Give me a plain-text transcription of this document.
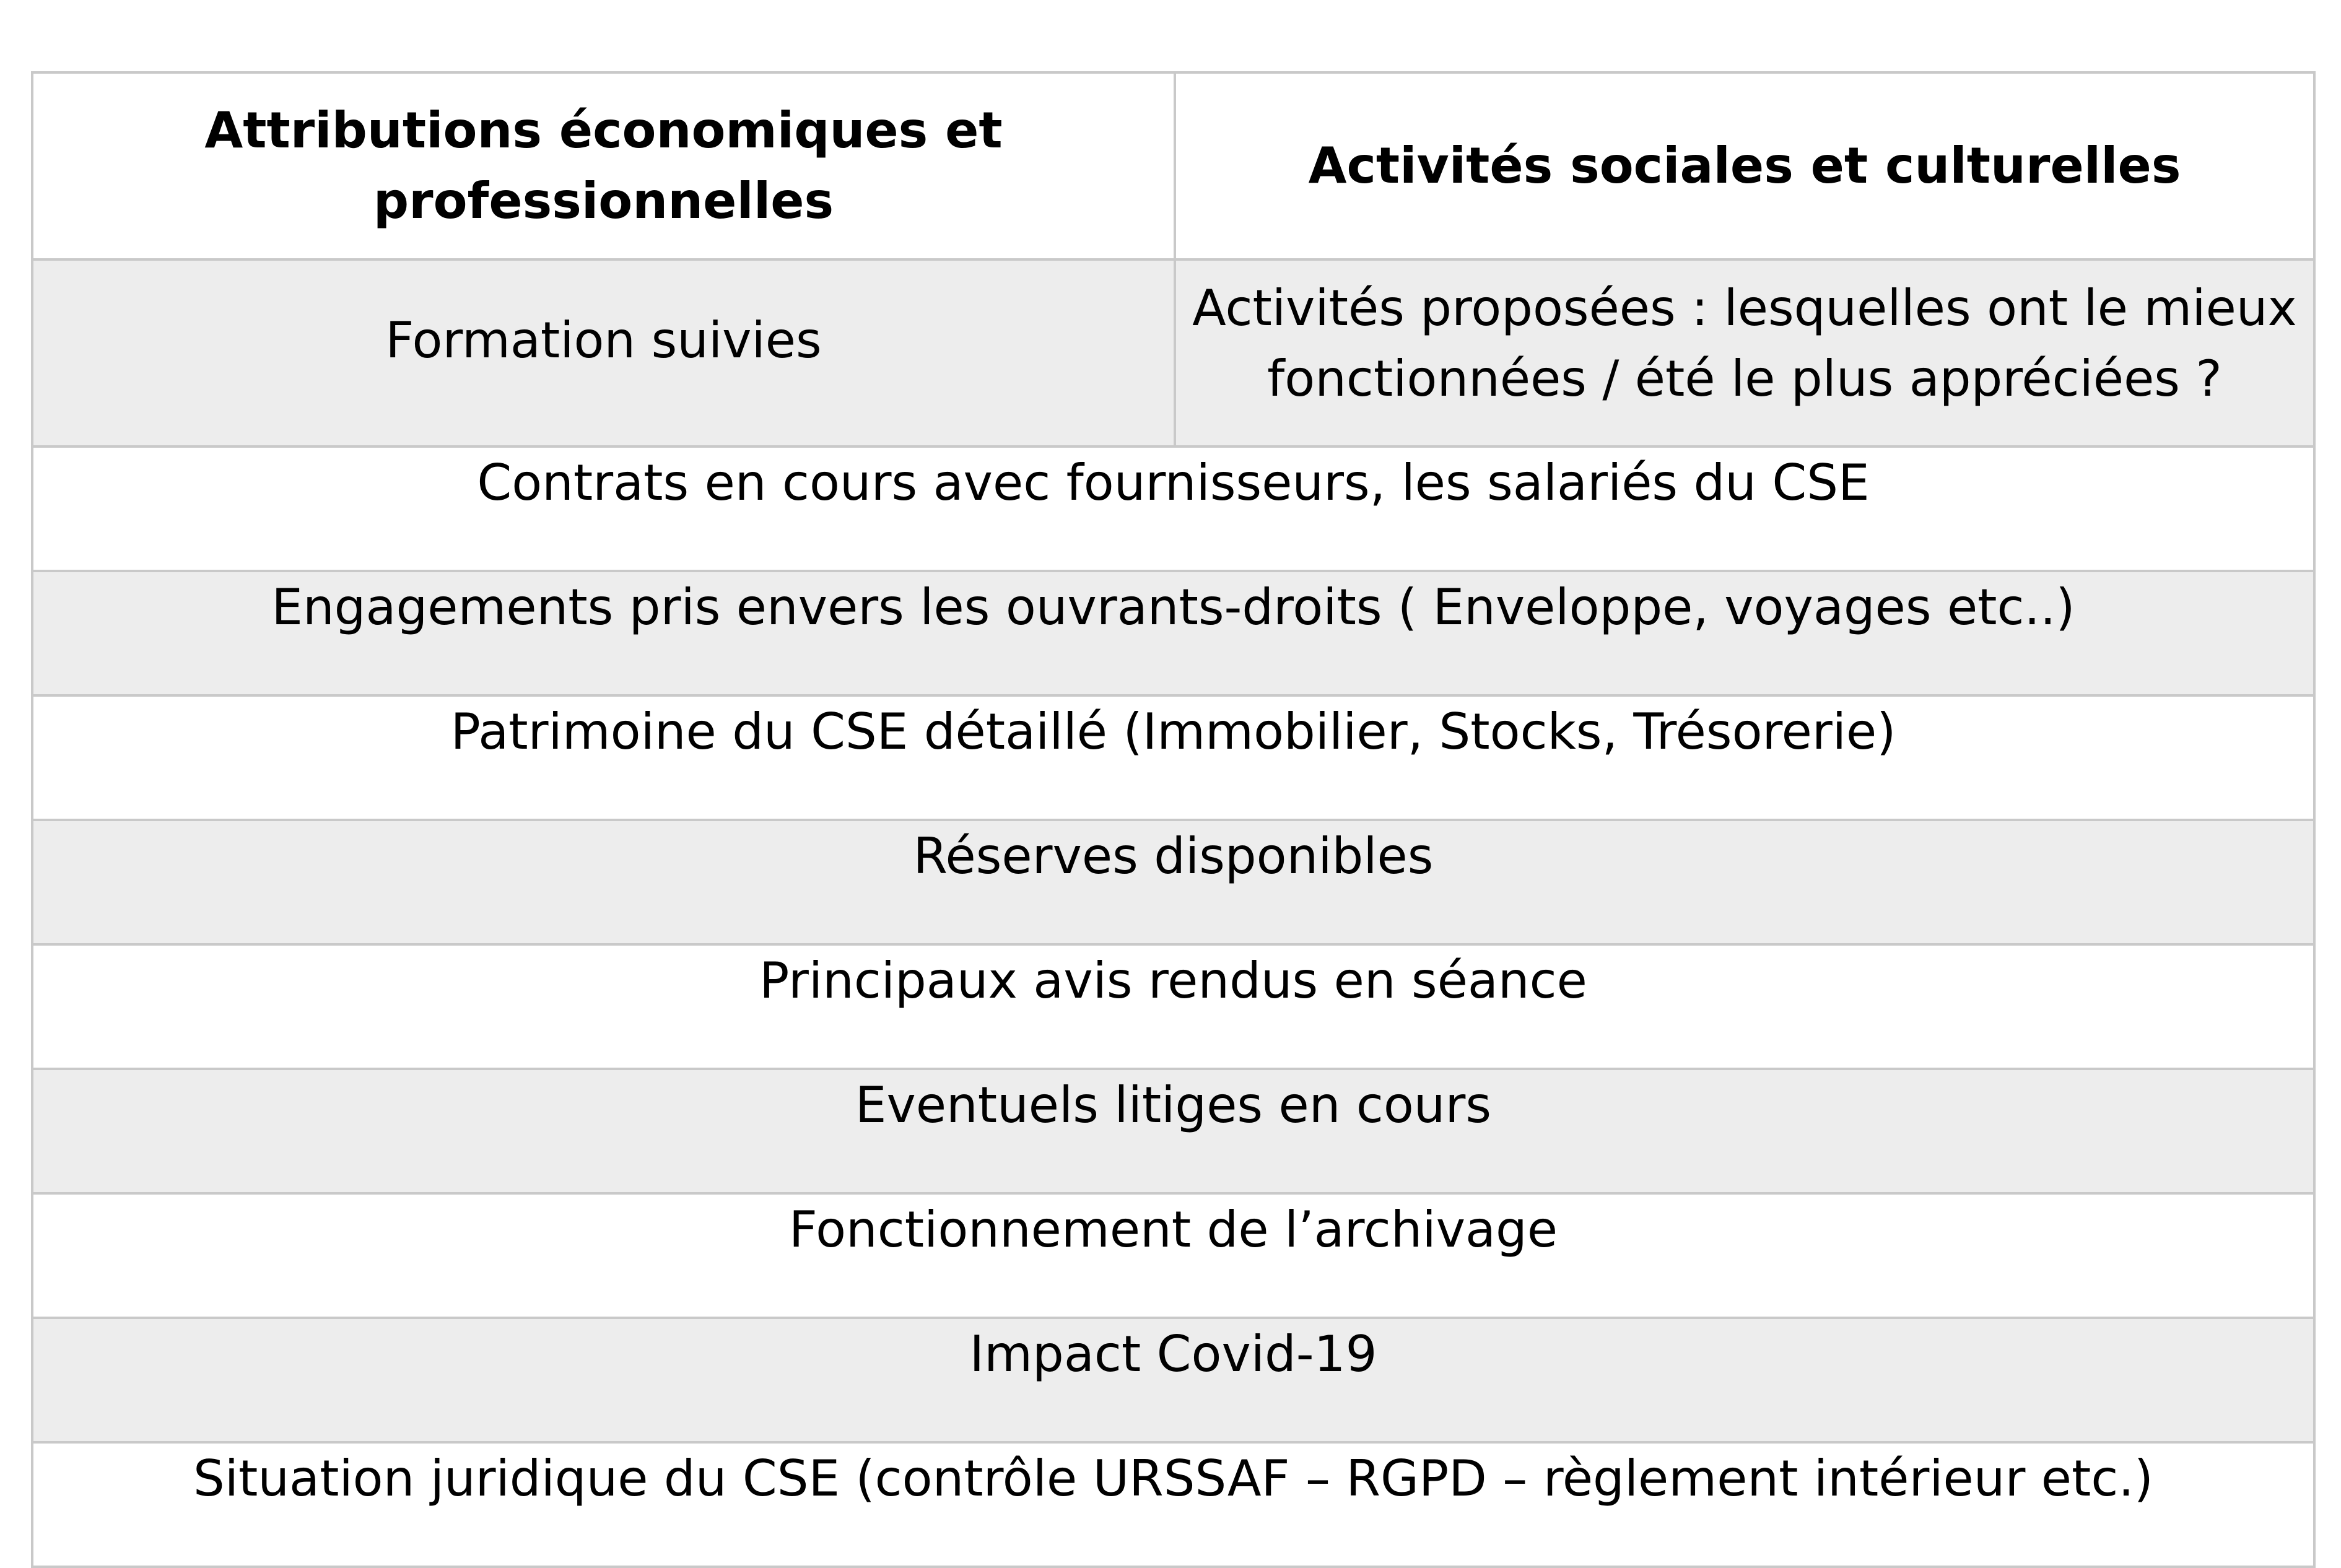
Attributions économiques et professionnelles	Activités sociales et culturelles

Formation suivies	Activités proposées : lesquelles ont le mieux fonctionnées / été le plus appréciées ?

Contrats en cours avec fournisseurs, les salariés du CSE	

Engagements pris envers les ouvrants-droits ( Enveloppe, voyages etc..)	

Patrimoine du CSE détaillé (Immobilier, Stocks, Trésorerie)	

Réserves disponibles	

Principaux avis rendus en séance	

Eventuels litiges en cours	

Fonctionnement de l’archivage	

Impact Covid-19	

Situation juridique du CSE (contrôle URSSAF – RGPD – règlement intérieur etc.)	
